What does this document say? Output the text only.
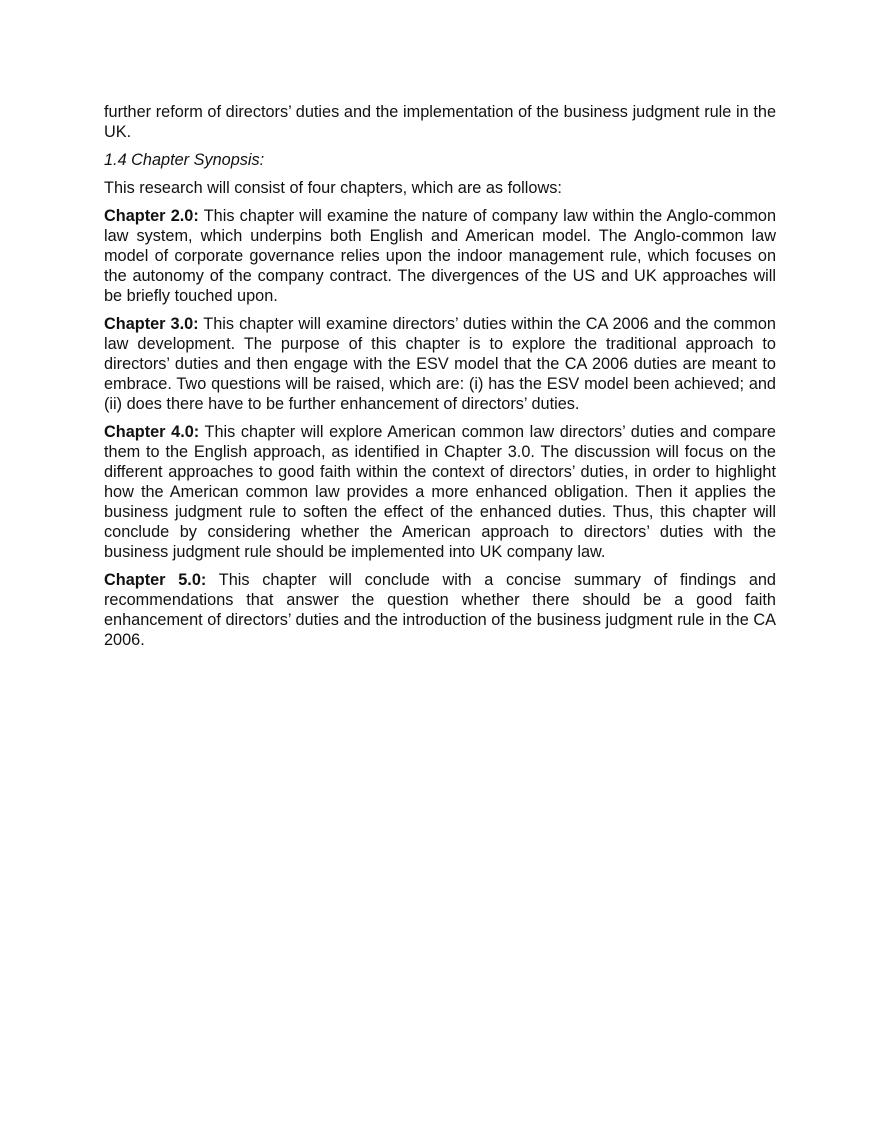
further reform of directors’ duties and the implementation of the business judgment rule in the UK.

1.4 Chapter Synopsis:

This research will consist of four chapters, which are as follows:

Chapter 2.0: This chapter will examine the nature of company law within the Anglo-common law system, which underpins both English and American model. The Anglo-common law model of corporate governance relies upon the indoor management rule, which focuses on the autonomy of the company contract. The divergences of the US and UK approaches will be briefly touched upon.

Chapter 3.0: This chapter will examine directors’ duties within the CA 2006 and the common law development. The purpose of this chapter is to explore the traditional approach to directors’ duties and then engage with the ESV model that the CA 2006 duties are meant to embrace. Two questions will be raised, which are: (i) has the ESV model been achieved; and (ii) does there have to be further enhancement of directors’ duties.

Chapter 4.0: This chapter will explore American common law directors’ duties and compare them to the English approach, as identified in Chapter 3.0. The discussion will focus on the different approaches to good faith within the context of directors’ duties, in order to highlight how the American common law provides a more enhanced obligation. Then it applies the business judgment rule to soften the effect of the enhanced duties. Thus, this chapter will conclude by considering whether the American approach to directors’ duties with the business judgment rule should be implemented into UK company law.

Chapter 5.0: This chapter will conclude with a concise summary of findings and recommendations that answer the question whether there should be a good faith enhancement of directors’ duties and the introduction of the business judgment rule in the CA 2006.
